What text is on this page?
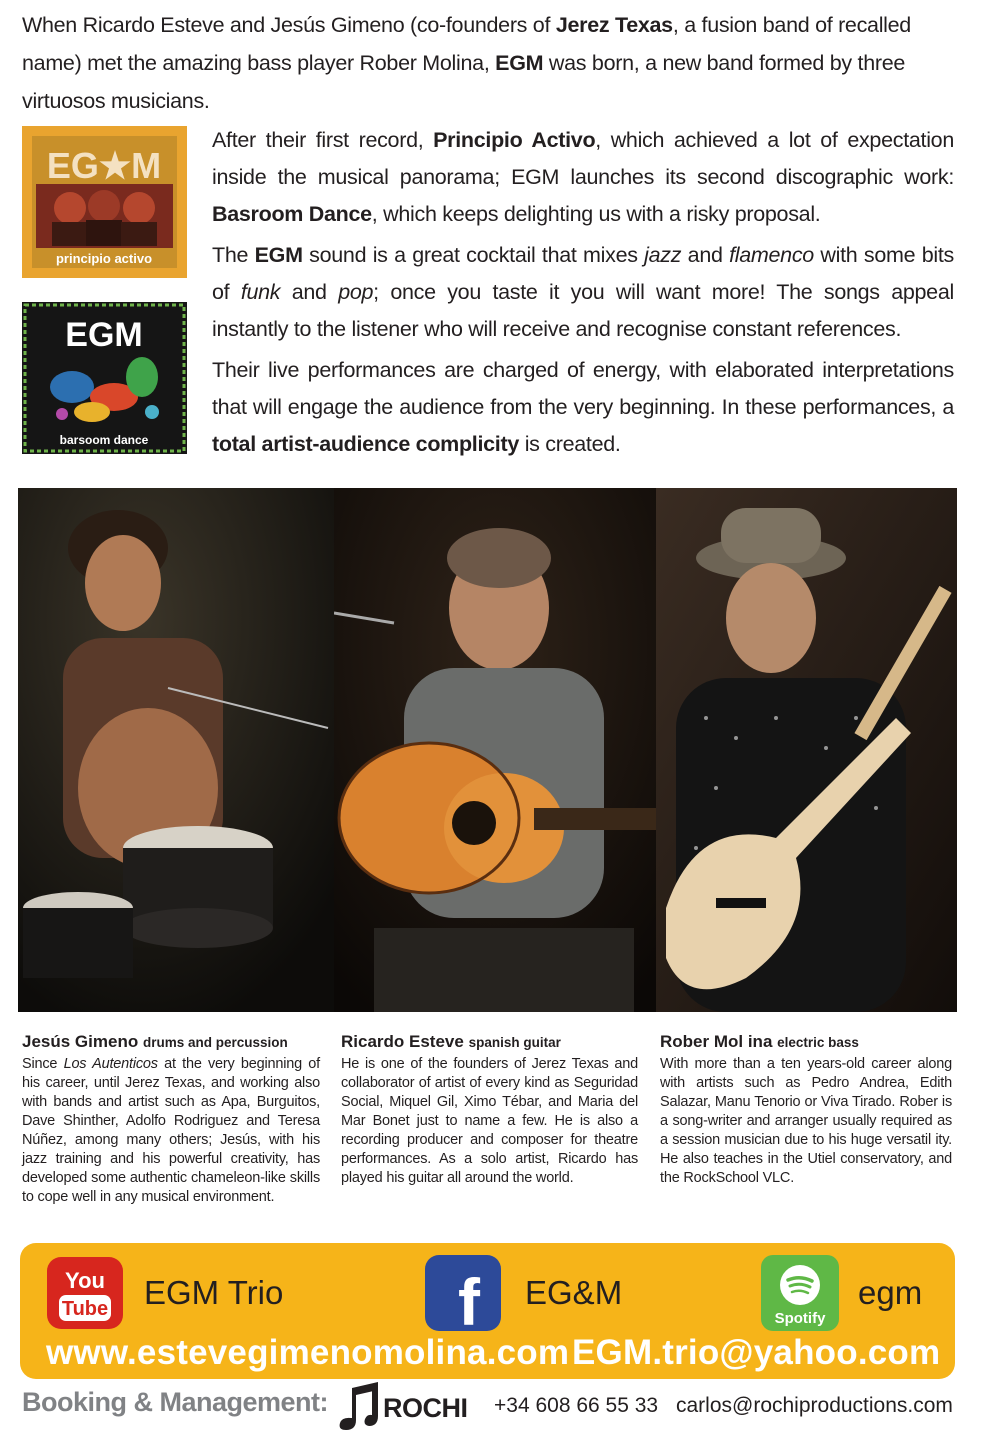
When Ricardo Esteve and Jesús Gimeno (co-founders of Jerez Texas, a fusion band of recalled name) met the amazing bass player Rober Molina, EGM was born, a new band formed by three virtuosos musicians.

EG★M
principio activo
EGM
barsoom dance

After their first record, Principio Activo, which achieved a lot of expectation inside the musical panorama; EGM launches its second discographic work: Basroom Dance, which keeps delighting us with a risky proposal.

The EGM sound is a great cocktail that mixes jazz and flamenco with some bits of funk and pop; once you taste it you will want more! The songs appeal instantly to the listener who will receive and recognise constant references.

Their live performances are charged of energy, with elaborated interpretations that will engage the audience from the very beginning. In these performances, a total artist-audience complicity is created.

Jesús Gimeno drums and percussion

Since Los Autenticos at the very beginning of his career, until Jerez Texas, and working also with bands and artist such as Apa, Burguitos, Dave Shinther, Adolfo Rodriguez and Teresa Núñez, among many others; Jesús, with his jazz training and his powerful creativity, has developed some authentic chameleon-like skills to cope well in any musical environment.

Ricardo Esteve spanish guitar

He is one of the founders of Jerez Texas and collaborator of artist of every kind as Seguridad Social, Miquel Gil, Ximo Tébar, and Maria del Mar Bonet just to name a few. He is also a recording producer and composer for theatre performances. As a solo artist, Ricardo has played his guitar all around the world.

Rober Mol ina electric bass

With more than a ten years-old career along with artists such as Pedro Andrea, Edith Salazar, Manu Tenorio or Viva Tirado. Rober is a song-writer and arranger usually required as a session musician due to his huge versatil ity. He also teaches in the Utiel conservatory, and the RockSchool VLC.

You
Tube EGM Trio	f EG&M
Spotify
egm
www.estevegimenomolina.com EGM.trio@yahoo.com
Booking & Management: ROCHI +34 608 66 55 33 carlos@rochiproductions.com
